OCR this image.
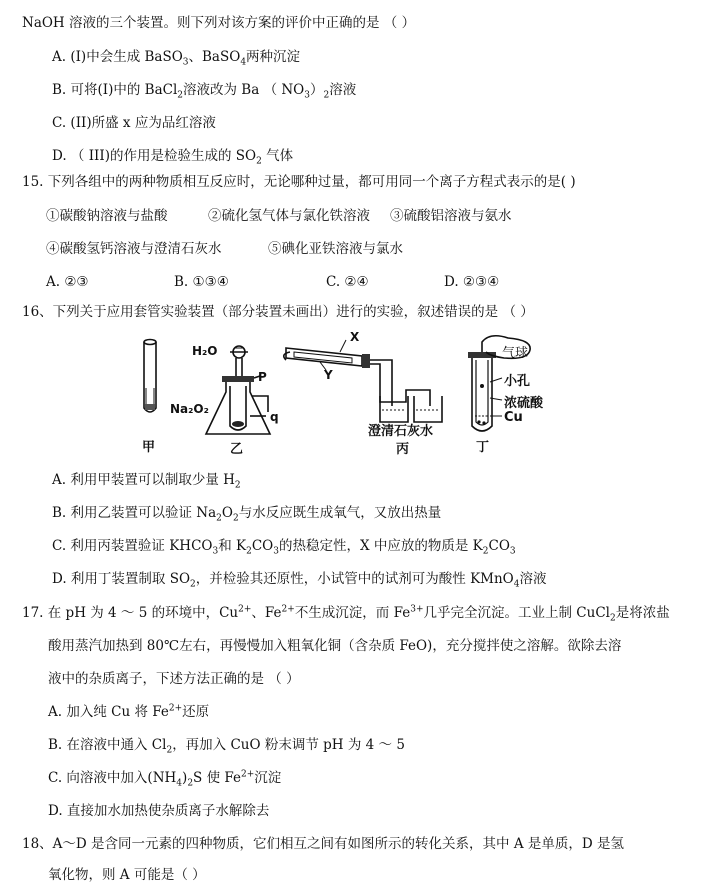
NaOH 溶液的三个装置。则下列对该方案的评价中正确的是 （ ）
A. (I)中会生成 BaSO$_3$、BaSO$_4$两种沉淀
B. 可将(I)中的 BaCl$_2$溶液改为 Ba （ $NO_3)_2$溶液
C. (II)所盛 x 应为品红溶液
D. （ III)的作用是检验生成的 $SO_2$ 气体
15. 下列各组中的两种物质相互反应时，无论哪种过量，都可用同一个离子方程式表示的是( )
①碳酸钠溶液与盐酸	②硫化氢气体与氯化铁溶液 ③硫酸铝溶液与氨水
④碳酸氢钙溶液与澄清石灰水	⑤碘化亚铁溶液与氯水
A. ②③	B. ①③④	C. ②④	D. ②③④
16、下列关于应用套管实验装置（部分装置未画出）进行的实验，叙述错误的是 （ ）
甲	乙	丙	丁
H₂O
P
q
Na₂O₂
X
Y
澄清石灰水
气球
小孔
浓硫酸
Cu
A. 利用甲装置可以制取少量 $H_2$
B. 利用乙装置可以验证 $Na_2O_2$与水反应既生成氧气，又放出热量
C. 利用丙装置验证 $KHCO_3$和 $K_2CO_3$的热稳定性，X 中应放的物质是 $K_2CO_3$
D. 利用丁装置制取 $SO_2$，并检验其还原性，小试管中的试剂可为酸性 KMnO$_4$溶液
17. 在 pH 为 4 ～ 5 的环境中，$Cu^{2+}$、$Fe^{2+}$不生成沉淀，而 $Fe^{3+}$几乎完全沉淀。工业上制 CuCl$_2$是将浓盐
酸用蒸汽加热到 80℃左右，再慢慢加入粗氧化铜（含杂质 FeO)，充分搅拌使之溶解。欲除去溶
液中的杂质离子，下述方法正确的是 （ ）
A. 加入纯 Cu 将 $Fe^{2+}$还原
B. 在溶液中通入 $Cl_2$，再加入 CuO 粉末调节 pH 为 4 ～ 5
C. 向溶液中加入$(NH_4)_2S$ 使 $Fe^{2+}$沉淀
D. 直接加水加热使杂质离子水解除去
18、A～D 是含同一元素的四种物质，它们相互之间有如图所示的转化关系，其中 A 是单质，D 是氢
氧化物，则 A 可能是（ ）
